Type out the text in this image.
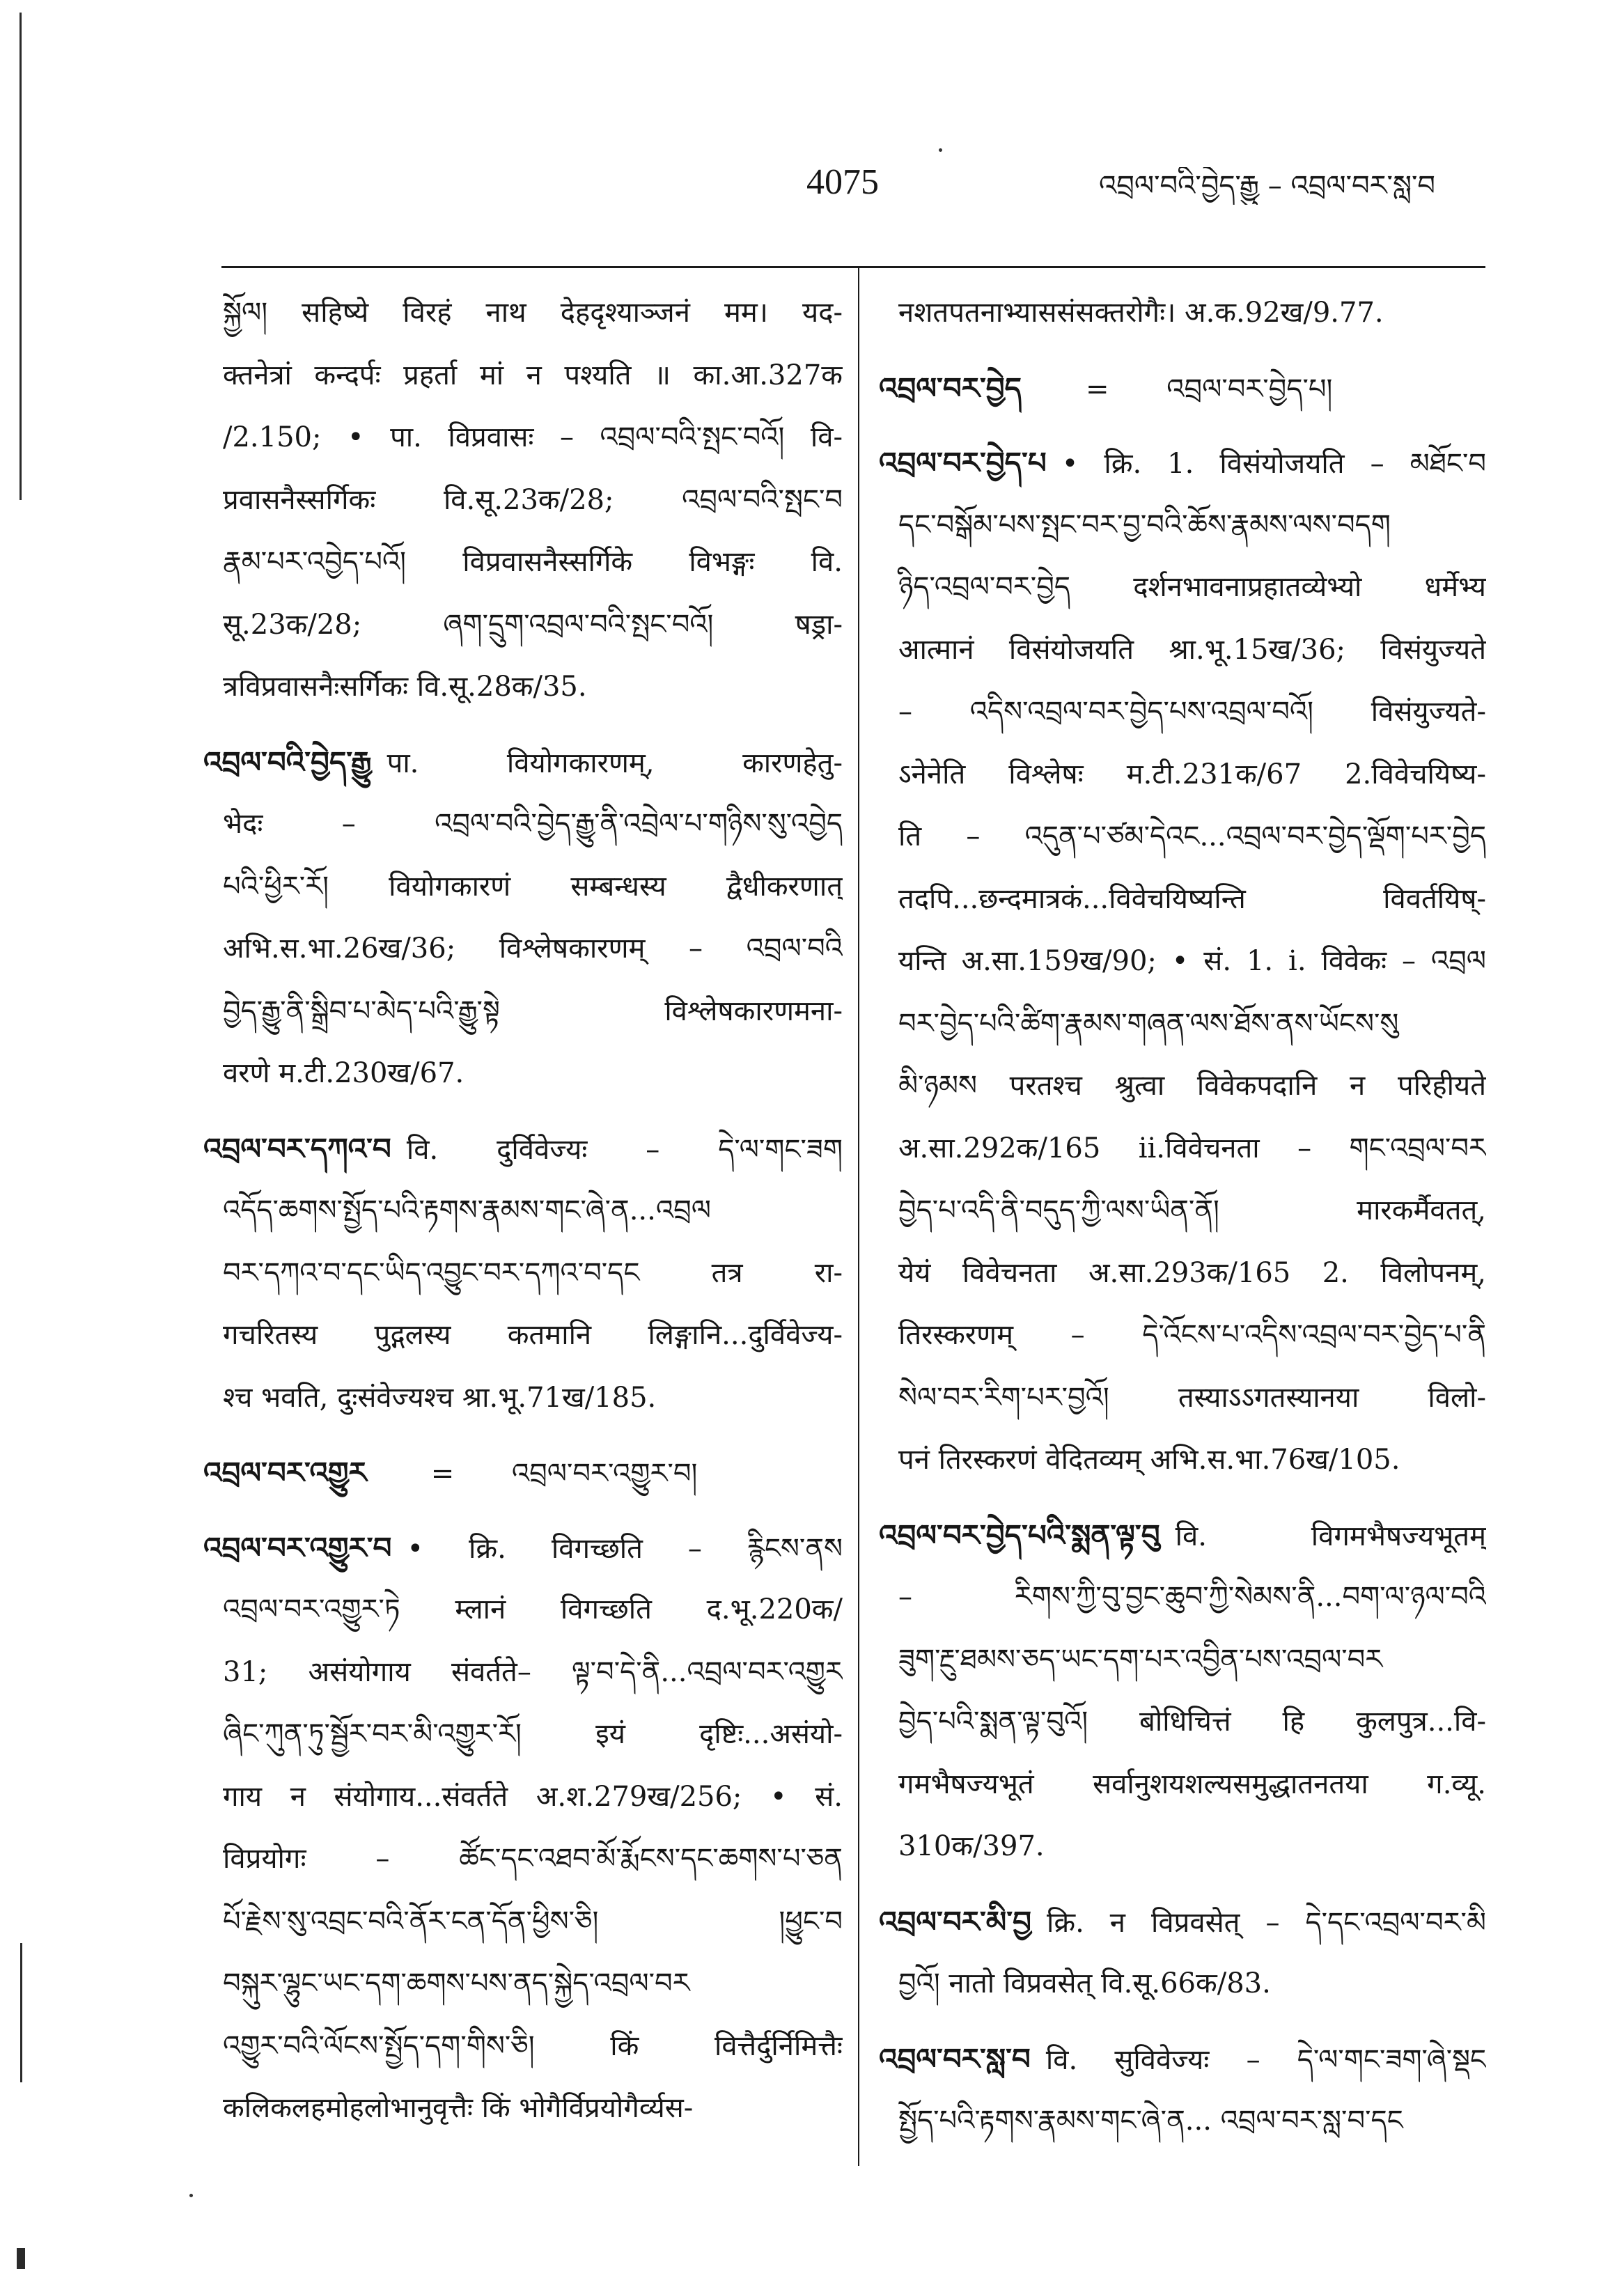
4075	འབྲལ་བའི་བྱེད་རྒྱུ – འབྲལ་བར་སླ་བ
སྐྱོལ། सहिष्ये विरहं नाथ देहदृश्याञ्जनं मम। यद-
क्तनेत्रां कन्दर्पः प्रहर्ता मां न पश्यति ॥ का.आ.327क
/2.150; • पा. विप्रवासः – འབྲལ་བའི་སྤང་བའོ། वि-
प्रवासनैस्सर्गिकः वि.सू.23क/28; འབྲལ་བའི་སྤང་བ
རྣམ་པར་འབྱེད་པའོ། विप्रवासनैस्सर्गिके विभङ्गः वि.
सू.23क/28; ཞག་དྲུག་འབྲལ་བའི་སྤང་བའོ། षड्रा-
त्रविप्रवासनैःसर्गिकः वि.सू.28क/35.
འབྲལ་བའི་བྱེད་རྒྱུ पा. वियोगकारणम्, कारणहेतु-
भेदः – འབྲལ་བའི་བྱེད་རྒྱུ་ནི་འབྲེལ་པ་གཉིས་སུ་འབྱེད
པའི་ཕྱིར་རོ། वियोगकारणं सम्बन्धस्य द्वैधीकरणात्
अभि.स.भा.26ख/36; विश्लेषकारणम् – འབྲལ་བའི
བྱེད་རྒྱུ་ནི་སྒྲིབ་པ་མེད་པའི་རྒྱུ་སྟེ विश्लेषकारणमना-
वरणे म.टी.230ख/67.
འབྲལ་བར་དཀའ་བ वि. दुर्विवेज्यः – དེ་ལ་གང་ཟག
འདོད་ཆགས་སྤྱོད་པའི་རྟགས་རྣམས་གང་ཞེ་ན...འབྲལ
བར་དཀའ་བ་དང་ཡིད་འབྱུང་བར་དཀའ་བ་དང तत्र रा-
गचरितस्य पुद्गलस्य कतमानि लिङ्गानि...दुर्विवेज्य-
श्च भवति, दुःसंवेज्यश्च श्रा.भू.71ख/185.
འབྲལ་བར་འགྱུར = འབྲལ་བར་འགྱུར་བ།
འབྲལ་བར་འགྱུར་བ • क्रि. विगच्छति – རྙིངས་ནས
འབྲལ་བར་འགྱུར་ཏེ म्लानं विगच्छति द.भू.220क/
31; असंयोगाय संवर्तते– ལྟ་བ་དེ་ནི...འབྲལ་བར་འགྱུར
ཞིང་ཀུན་ཏུ་སྦྱོར་བར་མི་འགྱུར་རོ། इयं दृष्टिः...असंयो-
गाय न संयोगाय...संवर्तते अ.श.279ख/256; • सं.
विप्रयोगः – ཚོང་དང་འཐབ་མོ་རྨོངས་དང་ཆགས་པ་ཅན
པོ་རྗེས་སུ་འབྲང་བའི་ནོར་ངན་དོན་ཕྱིས་ཅི། །ཕྱུང་བ
བསྐུར་ལྷུང་ཡང་དག་ཆགས་པས་ནད་སྐྱེད་འབྲལ་བར
འགྱུར་བའི་ལོངས་སྤྱོད་དག་གིས་ཅི། किं वित्तैर्दुर्निमित्तैः
कलिकलहमोहलोभानुवृत्तैः किं भोगैर्विप्रयोगैर्व्यस-
नशतपतनाभ्याससंसक्तरोगैः। अ.क.92ख/9.77.
འབྲལ་བར་བྱེད = འབྲལ་བར་བྱེད་པ།
འབྲལ་བར་བྱེད་པ • क्रि. 1. विसंयोजयति – མཐོང་བ
དང་བསྒོམ་པས་སྤང་བར་བྱ་བའི་ཆོས་རྣམས་ལས་བདག
ཉིད་འབྲལ་བར་བྱེད दर्शनभावनाप्रहातव्येभ्यो धर्मेभ्य
आत्मानं विसंयोजयति श्रा.भू.15ख/36; विसंयुज्यते
– འདིས་འབྲལ་བར་བྱེད་པས་འབྲལ་བའོ། विसंयुज्यते-
ऽनेनेति विश्लेषः म.टी.231क/67 2.विवेचयिष्य-
ति – འདུན་པ་ཙམ་དེའང...འབྲལ་བར་བྱེད་ལྡོག་པར་བྱེད
तदपि...छन्दमात्रकं...विवेचयिष्यन्ति विवर्तयिष्-
यन्ति अ.सा.159ख/90; • सं. 1. i. विवेकः – འབྲལ
བར་བྱེད་པའི་ཚིག་རྣམས་གཞན་ལས་ཐོས་ནས་ཡོངས་སུ
མི་ཉམས परतश्च श्रुत्वा विवेकपदानि न परिहीयते
अ.सा.292क/165 ii.विवेचनता – གང་འབྲལ་བར
བྱེད་པ་འདི་ནི་བདུད་ཀྱི་ལས་ཡིན་ནོ། मारकर्मैवतत्,
येयं विवेचनता अ.सा.293क/165 2. विलोपनम्,
तिरस्करणम् – དེ་འོངས་པ་འདིས་འབྲལ་བར་བྱེད་པ་ནི
སེལ་བར་རིག་པར་བྱའོ། तस्याऽऽगतस्यानया विलो-
पनं तिरस्करणं वेदितव्यम् अभि.स.भा.76ख/105.
འབྲལ་བར་བྱེད་པའི་སྨན་ལྟ་བུ वि. विगमभैषज्यभूतम्
– རིགས་ཀྱི་བུ་བྱང་ཆུབ་ཀྱི་སེམས་ནི...བག་ལ་ཉལ་བའི
ཟུག་རྔུ་ཐམས་ཅད་ཡང་དག་པར་འབྱིན་པས་འབྲལ་བར
བྱེད་པའི་སྨན་ལྟ་བུའོ། बोधिचित्तं हि कुलपुत्र...वि-
गमभैषज्यभूतं सर्वानुशयशल्यसमुद्धातनतया ग.व्यू.
310क/397.
འབྲལ་བར་མི་བྱ क्रि. न विप्रवसेत् – དེ་དང་འབྲལ་བར་མི
བྱའོ། नातो विप्रवसेत् वि.सू.66क/83.
འབྲལ་བར་སླ་བ वि. सुविवेज्यः – དེ་ལ་གང་ཟག་ཞེ་སྡང
སྤྱོད་པའི་རྟགས་རྣམས་གང་ཞེ་ན... འབྲལ་བར་སླ་བ་དང
